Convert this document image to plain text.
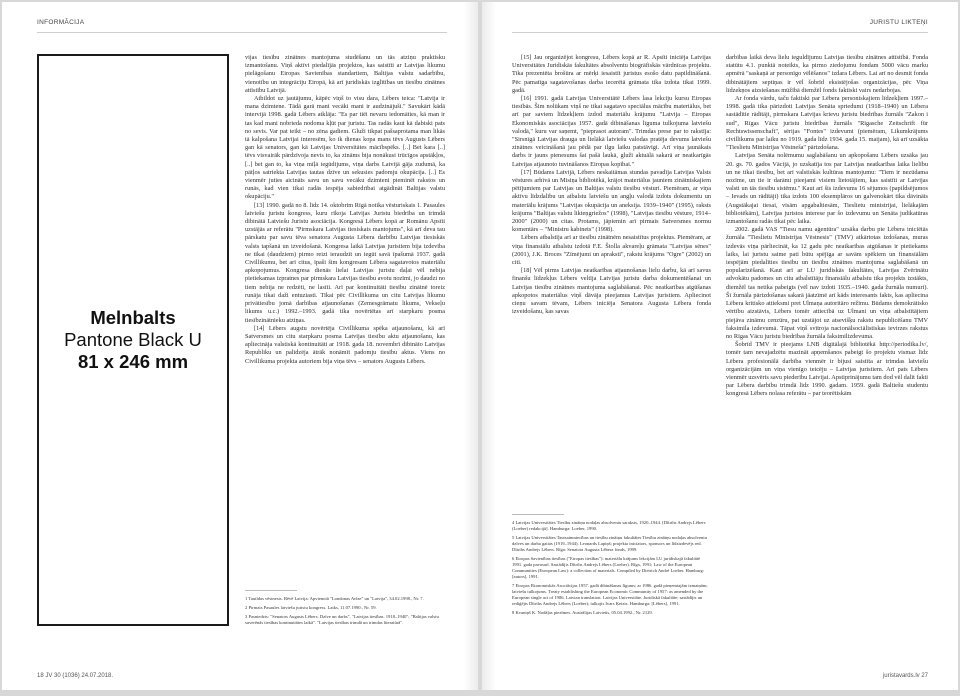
INFORMĀCIJA
Melnbalts
Pantone Black U
81 x 246 mm

vijas tiesību zinātnes mantojuma studēšanu un tās atziņu praktisku izmantošanu. Viņš aktīvi piedalījās projektos, kas saistīti ar Latvijas likumu pielāgošanu Eiropas Savienības standartiem, Baltijas valstu sadarbību, vienotību un integrāciju Eiropā, kā arī juridiskās izglītības un tiesību zinātnes attīstību Latvijā.

Atbildot uz jautājumu, kāpēc viņš to visu dara, Lēbers teica: "Latvija ir mana dzimtene. Tādā garā mani vecāki mani ir audzinājuši." Savukārt kādā intervijā 1998. gadā Lēbers atklāja: "Es par tiēi nevaru iedomāties, kā man ir tas kad mani nobrieda nodoma kļūt par juristu. Tas radās kaut kā dabiski pats no sevis. Var pat teikt – no zēna gadiem. Gluži tikpat pašsaprotama man likās tā kalpošana Latvijai interesēm, ko ik dienas kopa mans tēvs Augusts Lēbers gan kā senators, gan kā Latvijas Universitātes mācībspēks. [..] Bet kara [..] tēvs visvairāk pārdzīvoja nevis to, ka zināms bija nonākusi trūcīgos apstākļos, [..] bet gan to, ka viņa mīļā iegūdijums, viņa darbs Latvijā gāja zudumā, ka pātļos satriekta Latvijas tautas dzīve un sekusies padomju okupācija. [..] Es vienmēr juties aicināts savu un savu vecāku dzimteni pieminēt rakstos un runās, kad vien tikai radās iespēja sabiedrībai atgādināt Baltijas valstu okupāciju."

[13] 1990. gadā no 8. līdz 14. oktobrim Rīgā notika vēsturiskais 1. Pasaules latviešu juristu kongress, kuru rīkoja Latvijas Juristu biedrība un trimdā dibinātā Latviešu Juristu asociācija. Kongresā Lēbers kopā ar Romānu Apsīti uzstājās ar referātu "Pirmskara Latvijas tiesiskais mantojums", kā arī deva tau pārskatu par savu tēva senatora Augusta Lēbera darbību Latvijas tiesiskās valsts tapšanā un izveidošanā. Kongresa laikā Latvijas juristiem bija izdevība ne tikai (daudziem) pirmo reizi ieraudzīt un iegūt savā īpašumā 1937. gadā Civillikumu, bet arī citus, īpaši šim kongresam Lēbera sagatavotos materiālu apkopojumus. Kongresa dienās lielai Latvijas juristu daļai vēl nebija pietiekamas izpratnes par pirmskara Latvijas tiesību avotu nozīmi, jo daudzi no tiem nebija ne redzēti, ne lasīti. Arī par kontinuitāti tiesību zinātnē toreiz runāja tikai daži entuziasti. Tikai pēc Civillikuma un citu Latvijas likumu privātiesību jomā darbības atjaunošanas (Zemesgrāmatu likums, Vekseļu likums u.c.) 1992.–1993. gadā tika novērtētas arī starpkaru posma tiesībzinātnieku atziņas.

[14] Lēbers augstu novērtēja Civillikuma spēka atjaunošanu, kā arī Satversmes un citu starpkaru posma Latvijas tiesību aktu atjaunošanu, kas apliecināja valstiskā kontinuitāti ar 1918. gada 18. novembrī dibināto Latvijas Republiku un palīdzēja ātrāk nonāmīt padomju tiesību aktus. Viens no Civillikuma projekta autoriem bija viņa tēvs – senators Augusts Lēbers.

1 Tautīdas vēstnesis. Bēvē Latvija: Apvienotā "Londonas Avīze" un "Latvija", 34.02.1998., Nr. 7.
2 Pirmais Pasaules latviešu juristu kongress. Laiks, 11.07.1990., Nr. 59.
3 Pasniedzis: "Senators Augusts Lēbers. Dzīve un darbs", "Latvijas tiesības. 1918–1940"; "Baltijas valstu suverēnās tiesības kontinuitātes laikā". "Latvijas tiesības trimdā un trimdas literatūrā".
18 JV 30 (1036) 24.07.2018.
JURISTU LIKTEŅI

[15] Jau organizējot kongresu, Lēbers kopā ar R. Apsīti iniciēja Latvijas Universitātes Juridiskās fakultātes absolventu biogrāfiskās vārdnīcas projektu. Tika prezentēta brošūra ar mērķi iesaistīt juristus esošo datu papildināšanā. Pēc pamatīga sagatavošanas darba iecerētā grāmata tika izdota tikai 1999. gadā.

[16] 1991. gadā Latvijas Universitātē Lēbers lasa lekciju kursu Eiropas tiesībās. Šim nolūkam viņš ne tikai sagatavo speciālus mācību materiālus, bet arī par saviem līdzekļiem izdod materiālu krājumu "Latvija – Eiropas Ekonomiskās asociācijas 1957. gadā dibināšanas līguma tulkojuma latviešu valodā," kuru var saņemt, "pieprasot autoram". Trimdas prese par to rakstīja: "Sirsnīgā Latvijas drauga un lielākā latviešu valodas pratēja devums latviešu zinātnes veicināšanā jau pēdā par ilgu laiku patstāvīgi. Arī viņa jaunākais darbs ir jauns pienesums šai pašā laukā, glužī aktuālā sakarā ar neatkarīgās Latvijas atjaunoto tuvināšanos Eiropas kopībai."

[17] Būdams Latvijā, Lēbers neskaitāmas stundas pavadīja Latvijas Valsts vēstures arhīvā un Misiņa bibliotēkā, krājot materiālus jauniem zinātniskajiem pētījumiem par Latvijas un Baltijas valstu tiesību vēsturi. Piemēram, ar viņa aktīvu līdzdalību un atbalstu latviešu un angļu valodā izdots dokumentu un materiālu krājums "Latvijas okupācija un aneksija. 1939–1940" (1995), raksts krājums "Baltijas valstu likteņgriežos" (1998), "Latvijas tiesību vēsture, 1914–2000" (2000) un citas. Protams, jāpiemin arī pirmais Satversmes normu komentārs – "Ministru kabinets" (1998).

Lēbers atbalstīja arī ar tiesību zinātnēm nesaistītus projektus. Piemēram, ar viņa finansiālu atbalstu izdotā F.E. Štolla akvareļu grāmata "Latvijas sēnes" (2001), J.K. Broces "Zīmējumi un apraksti", rakstu krājums "Ogre" (2002) un citi.

[18] Vēl pirms Latvijas neatkarības atjaunošanas lielu darbu, kā arī savus finanšu līdzekļus Lēbers veltīja Latvijas juristu darba dokumentēšanai un Latvijas tiesību zinātnes mantojuma saglabāšanai. Pēc neatkarības atgūšanas apkopotos materiālus viņš dāvāja pieejamus Latvijas juristiem. Apliecinot cieņu savam tēvam, Lēbers iniciēja Senatora Augusta Lēbera fonda izveidošanu, kas savas

4 Latvijas Universitātes Tiesību zinātņu nodaļas absolventu saraksts, 1920–1944. [Dītrihs Andrejs Lēbers (Loeber) redakcijā]. Hamburga: Loeber, 1990.
5 Latvijas Universitātes Tautsaimniecības un tiesību zinātņu fakultātes Tiesību zinātņu nodaļas absolventu dzīves un darba gaitas (1919–1944). Leonards Lapiņš; projekta iniciators, sponsors un līdzizdevējs red. Dītrihs Andrejs Lēbers. Rīga: Senatora Augusta Lēbera fonds, 1999.
6 Eiropas Savienības tiesības ("Eiropas tiesības"): materiālu krājums lekcijām LU juridiskajā fakultātē 1991. gada pavasarī. Sastādījis Dītrihs Andrejs Lēbers (Loeber). Rīga, 1991; Law of the European Communities (European Law): a collection of materials. Compiled by Dietrich André Loeber. Hamburg: [autors], 1991.
7 Eiropas Ekonomiskās Asociācijas 1957. gadā dibināšanas līgums; ar 1986. gadā pieņemtajām izmaiņām; latviešu tulkojums. Treaty establishing the European Economic Community of 1957: as amended by the European single act of 1986. Latvian translation. Latvijas Universitāte. Juridiskā fakultāte; sastādījis un rediģējis Dītrihs Andrejs Lēbers (Loeber); tulkojis Ivars Ķeizis. Hamburga: [Lēbers], 1991.
8 Kvaniņš K. Nodāļas piezīmes. Austrālijas Latvietis, 05.04.1992., Nr. 2129.

darbības laikā deva lielu ieguldījumu Latvijas tiesību zinātnes attīstībā. Fonda statūtu 4.1. punktā noteikts, ka pirmo ziedojumu fondam 5000 vācu marku apmērā "saskaņā ar personīgo vēlēšanos" izdara Lēbers. Lai arī no desmit fonda dibinātājiem septiņas ir vēl šobrīd eksistējošas organizācijas, pēc Viņa līdzekņos aizsiešanas mūžībā diemžēl fonds faktiski vairs nedarbojas.

Ar fonda vārdu, taču faktiski par Lēbera personiskajiem līdzekļiem 1997.–1998. gadā tika pārizdoti Latvijas Senāta spriedumi (1918–1940) un Lēbera sastādītie rādītāji, pirmskara Latvijas krievu juristu biedrības žurnāls "Zakon i sud", Rīgas Vācu juristu biedrības žurnāls "Rigasche Zeitschrift für Rechtswissenschaft", sērijas "Fontes" izdevumi (piemēram, Likumkrājums civillikums par laiku no 1919. gada līdz 1934. gada 15. maijam), kā arī uzsākta "Tieslietu Ministrijas Vēstneša" pārizdošana.

Latvijas Senāta nolēmumu saglabāšanu un apkopošanu Lēbers uzsāka jau 20. gs. 70. gados Vācijā, jo uzskatīja tos par Latvijas neatkarības laika lielību un ne tikai tiesību, bet arī valstiskās kultūras mantojumu: "Tiem ir nezūdama nozīme, un tie ir darāmi pieejami visiem lietotājiem, kas saistīti ar Latvijas valsti un tās tiesību sistēmu." Kaut arī šis izdevums 16 sējumos (papildsējumos – Ievads un rādītāji) tika izdots 100 eksemplāros un galvenokārt tika dāvināts (Augstākajai tiesai, visām apgabaltiesām, Tieslietu ministrijai, lielākajām bibliotēkām), Latvijas juristos interese par šo izdevumu un Senāta judikatūras izmantošanu radās tikai pēc laika.

2002. gadā VAS "Tiesu namu aģentūra" uzsāka darbu pie Lēbera iniciētās žurnāla "Tieslietu Ministrijas Vēstnesis" (TMV) atkārtotas izdošanas, muras izdevās viņa pārliecināt, ka 12 gadu pēc neatkarības atgūšanas ir pietiekams laiks, lai juristu saime pati būtu spējīga ar savām spēkiem un finansiālām iespējām piedalīties tiesību un tiesību zinātnes mantojuma saglabāšanā un popularizēšanā. Kaut arī ar LU juridiskās fakultātes, Latvijas Zvērinātu advokātu padomes un citu atbalstītāju finansiālu atbalstu tika projekts izstākts, diemžēl tas netika pabeigts (vēl nav izdoti 1935.–1940. gada žurnāla numuri). Šī žurnāla pārizdošanas sakarā jāatzīmē arī kāds interesants fakts, kas apliecina Lēbera kritisko attieksmi pret Ulmaņa autoritāro režīmu. Būdams demokrātisko vērtību aizstāvis, Lēbers tomēr attiecībā uz Ulmani un viņa atbalstītājiem piejāva zināmu cenzūru, pat uzstājot uz atsevišķu rakstu nepublicēšanu TMV faksimila izdevumā. Tāpat viņš svītroja nacionālsociālistiskas ievirzes rakstus no Rīgas Vācu juristu biedrības žurnāla faksimilizdevuma.

Šobrīd TMV ir pieejams LNB digitālajā bibliotēkā http://periodika.lv/, tomēr tam nevajadzētu mazināt apņemšanos pabeigt šo projektu vismaz līdz Lēbera profesionālā darbība vienmēr ir bijusi saistīta ar trimdas latviešu organizācijām un viņa vienīgo teicēju – Latvijas juristiem. Arī pats Lēbers vienmēr uzsvēris savu piederību Latvijai. Apstiprinājumu tam dod vēl dalīt fakti par Lēbera darbību trimdā līdz 1990. gadam. 1959. gadā Baltiešu studentu kongresā Lēbers nolasa referātu – par teorētiskām

juristavards.lv 27
